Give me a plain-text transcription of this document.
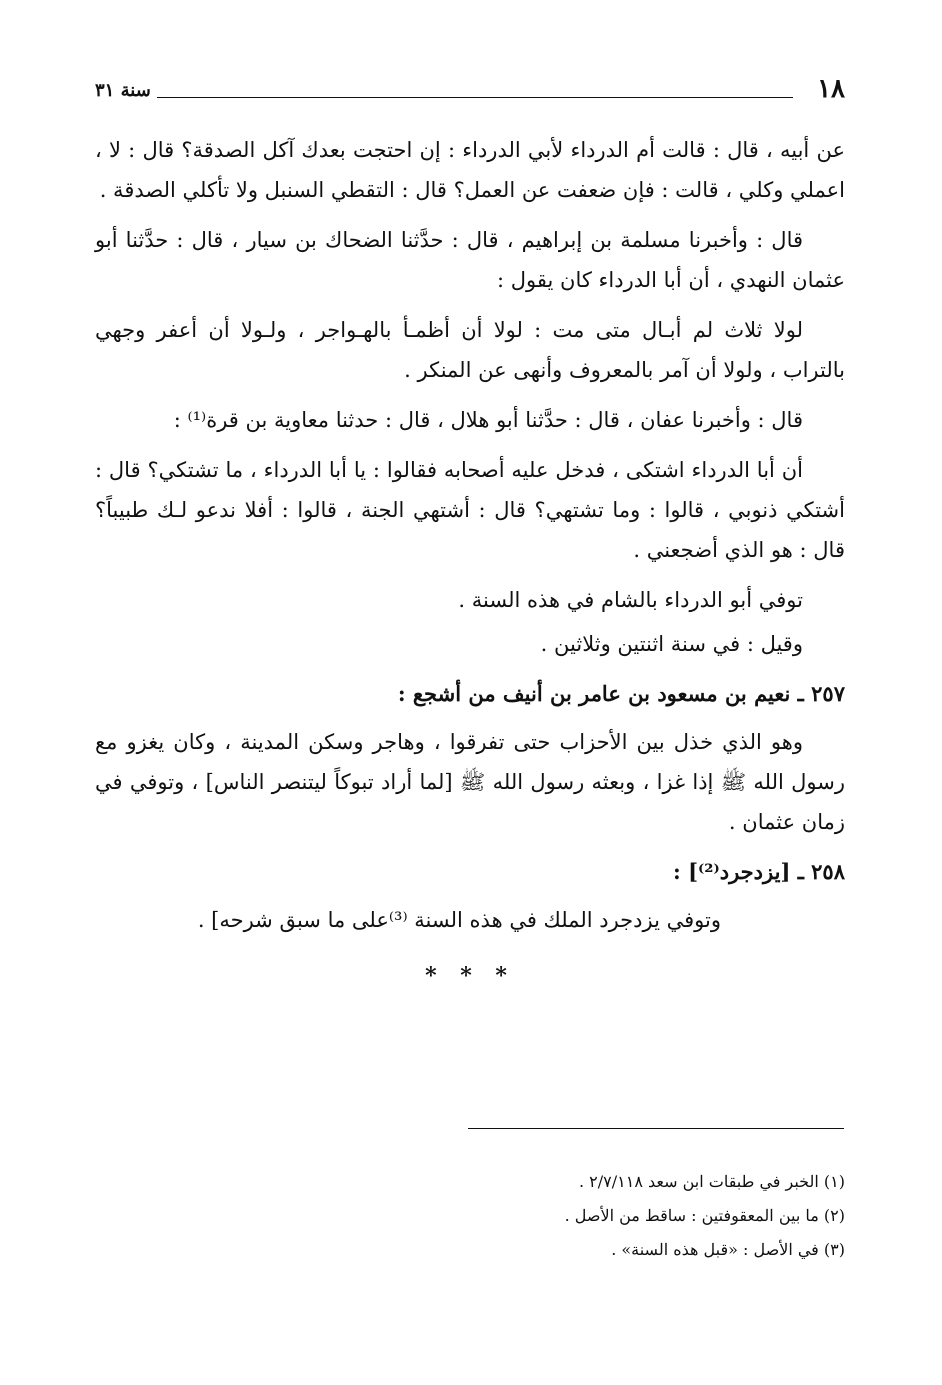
١٨
سنة ٣١

عن أبيه ، قال : قالت أم الدرداء لأبي الدرداء : إن احتجت بعدك آكل الصدقة؟ قال : لا ، اعملي وكلي ، قالت : فإن ضعفت عن العمل؟ قال : التقطي السنبل ولا تأكلي الصدقة .

قال : وأخبرنا مسلمة بن إبراهيم ، قال : حدَّثنا الضحاك بن سيار ، قال : حدَّثنا أبو عثمان النهدي ، أن أبا الدرداء كان يقول :

لولا ثلاث لم أبـال متى مت : لولا أن أظمـأ بالهـواجر ، ولـولا أن أعفر وجهي بالتراب ، ولولا أن آمر بالمعروف وأنهى عن المنكر .

قال : وأخبرنا عفان ، قال : حدَّثنا أبو هلال ، قال : حدثنا معاوية بن قرة⁽¹⁾ :

أن أبا الدرداء اشتكى ، فدخل عليه أصحابه فقالوا : يا أبا الدرداء ، ما تشتكي؟ قال : أشتكي ذنوبي ، قالوا : وما تشتهي؟ قال : أشتهي الجنة ، قالوا : أفلا ندعو لـك طبيباً؟ قال : هو الذي أضجعني .

توفي أبو الدرداء بالشام في هذه السنة .

وقيل : في سنة اثنتين وثلاثين .

٢٥٧ ـ نعيم بن مسعود بن عامر بن أنيف من أشجع :

وهو الذي خذل بين الأحزاب حتى تفرقوا ، وهاجر وسكن المدينة ، وكان يغزو مع رسول الله ﷺ إذا غزا ، وبعثه رسول الله ﷺ [لما أراد تبوكاً ليتنصر الناس] ، وتوفي في زمان عثمان .

٢٥٨ ـ [يزدجرد⁽²⁾] :

وتوفي يزدجرد الملك في هذه السنة ⁽³⁾على ما سبق شرحه] .

* * *
(١) الخبر في طبقات ابن سعد ٢/٧/١١٨ .
(٢) ما بين المعقوفتين : ساقط من الأصل .
(٣) في الأصل : «قبل هذه السنة» .
